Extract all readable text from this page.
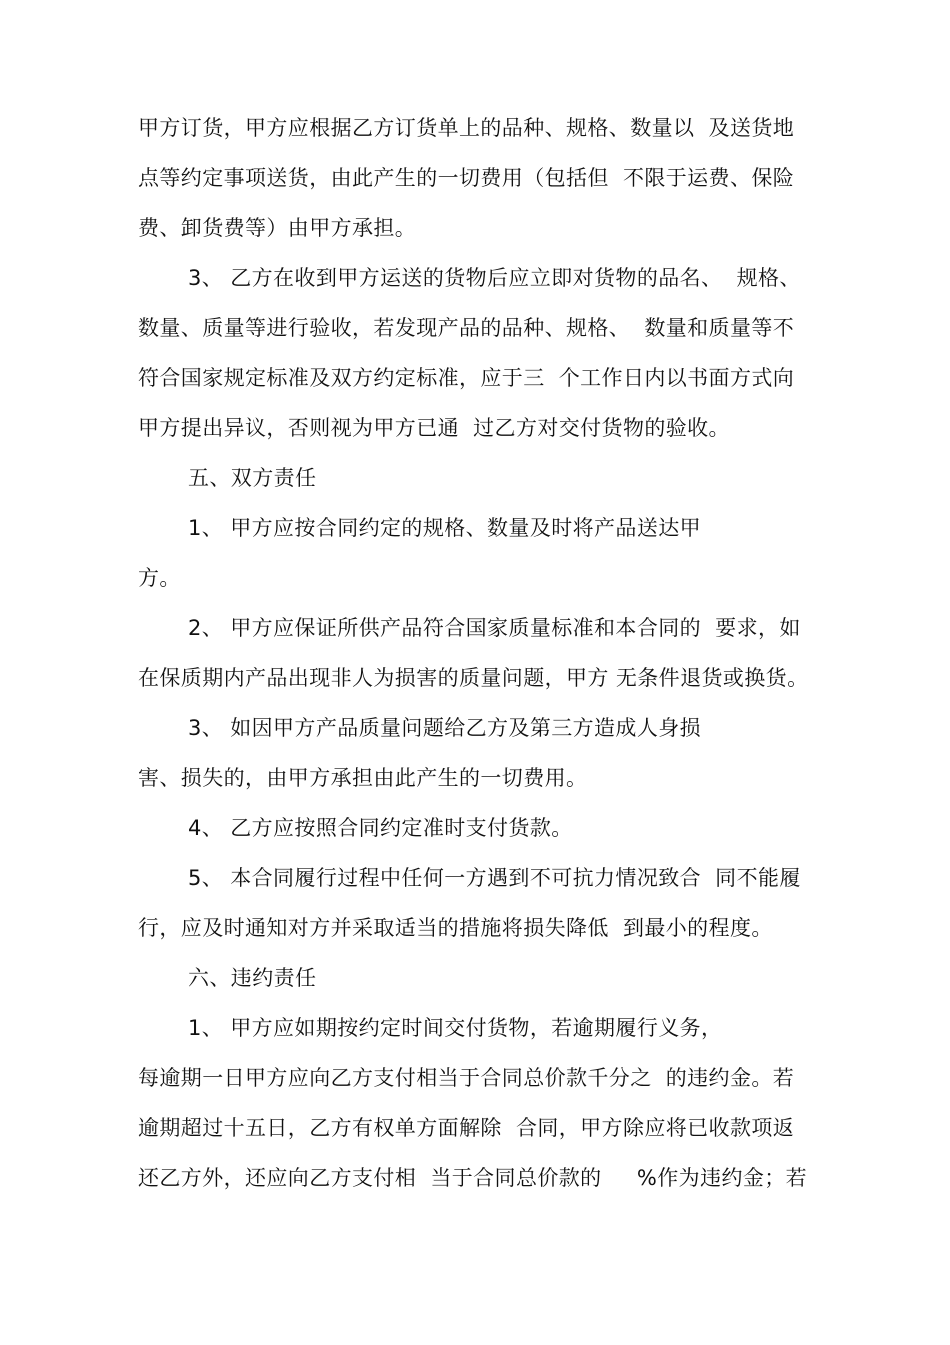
甲方订货，甲方应根据乙方订货单上的品种、规格、数量以  及送货地
点等约定事项送货，由此产生的一切费用（包括但  不限于运费、保险
费、卸货费等）由甲方承担。
3、 乙方在收到甲方运送的货物后应立即对货物的品名、  规格、
数量、质量等进行验收，若发现产品的品种、规格、  数量和质量等不
符合国家规定标准及双方约定标准，应于三  个工作日内以书面方式向
甲方提出异议，否则视为甲方已通  过乙方对交付货物的验收。
五、双方责任
1、 甲方应按合同约定的规格、数量及时将产品送达甲
方。
2、 甲方应保证所供产品符合国家质量标准和本合同的  要求，如
在保质期内产品出现非人为损害的质量问题，甲方 无条件退货或换货。
3、 如因甲方产品质量问题给乙方及第三方造成人身损
害、损失的，由甲方承担由此产生的一切费用。
4、 乙方应按照合同约定准时支付货款。
5、 本合同履行过程中任何一方遇到不可抗力情况致合  同不能履
行，应及时通知对方并采取适当的措施将损失降低  到最小的程度。
六、违约责任
1、 甲方应如期按约定时间交付货物，若逾期履行义务，
每逾期一日甲方应向乙方支付相当于合同总价款千分之  的违约金。若
逾期超过十五日，乙方有权单方面解除  合同，甲方除应将已收款项返
还乙方外，还应向乙方支付相  当于合同总价款的     %作为违约金；若
